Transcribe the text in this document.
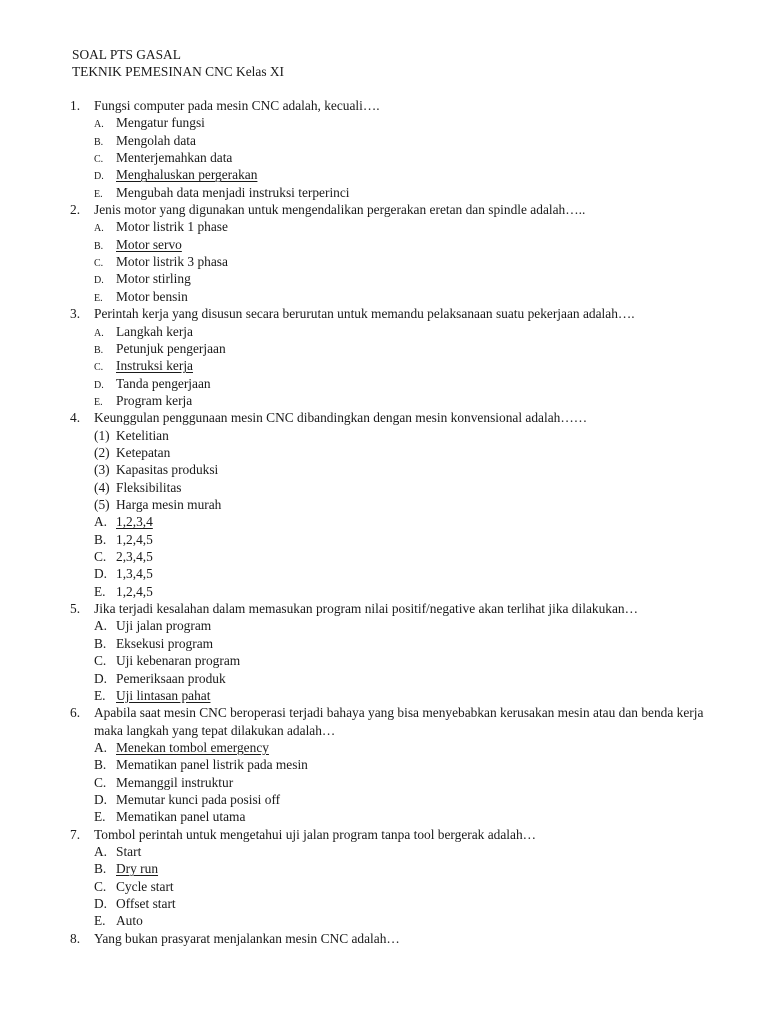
SOAL PTS GASAL
TEKNIK PEMESINAN CNC Kelas XI
1. Fungsi computer pada mesin CNC adalah, kecuali….
A. Mengatur fungsi
B. Mengolah data
C. Menterjemahkan data
D. Menghaluskan pergerakan
E. Mengubah data menjadi instruksi terperinci
2. Jenis motor yang digunakan untuk mengendalikan pergerakan eretan dan spindle adalah…..
A. Motor listrik 1 phase
B. Motor servo
C. Motor listrik 3 phasa
D. Motor stirling
E. Motor bensin
3. Perintah kerja yang disusun secara berurutan untuk memandu pelaksanaan suatu pekerjaan adalah….
A. Langkah kerja
B. Petunjuk pengerjaan
C. Instruksi kerja
D. Tanda pengerjaan
E. Program kerja
4. Keunggulan penggunaan mesin CNC dibandingkan dengan mesin konvensional adalah……
(1) Ketelitian
(2) Ketepatan
(3) Kapasitas produksi
(4) Fleksibilitas
(5) Harga mesin murah
A. 1,2,3,4
B. 1,2,4,5
C. 2,3,4,5
D. 1,3,4,5
E. 1,2,4,5
5. Jika terjadi kesalahan dalam memasukan program nilai positif/negative akan terlihat jika dilakukan…
A. Uji jalan program
B. Eksekusi program
C. Uji kebenaran program
D. Pemeriksaan produk
E. Uji lintasan pahat
6. Apabila saat mesin CNC beroperasi terjadi bahaya yang bisa menyebabkan kerusakan mesin atau dan benda kerja maka langkah yang tepat dilakukan adalah…
A. Menekan tombol emergency
B. Mematikan panel listrik pada mesin
C. Memanggil instruktur
D. Memutar kunci pada posisi off
E. Mematikan panel utama
7. Tombol perintah untuk mengetahui uji jalan program tanpa tool bergerak adalah…
A. Start
B. Dry run
C. Cycle start
D. Offset start
E. Auto
8. Yang bukan prasyarat menjalankan mesin CNC adalah…
